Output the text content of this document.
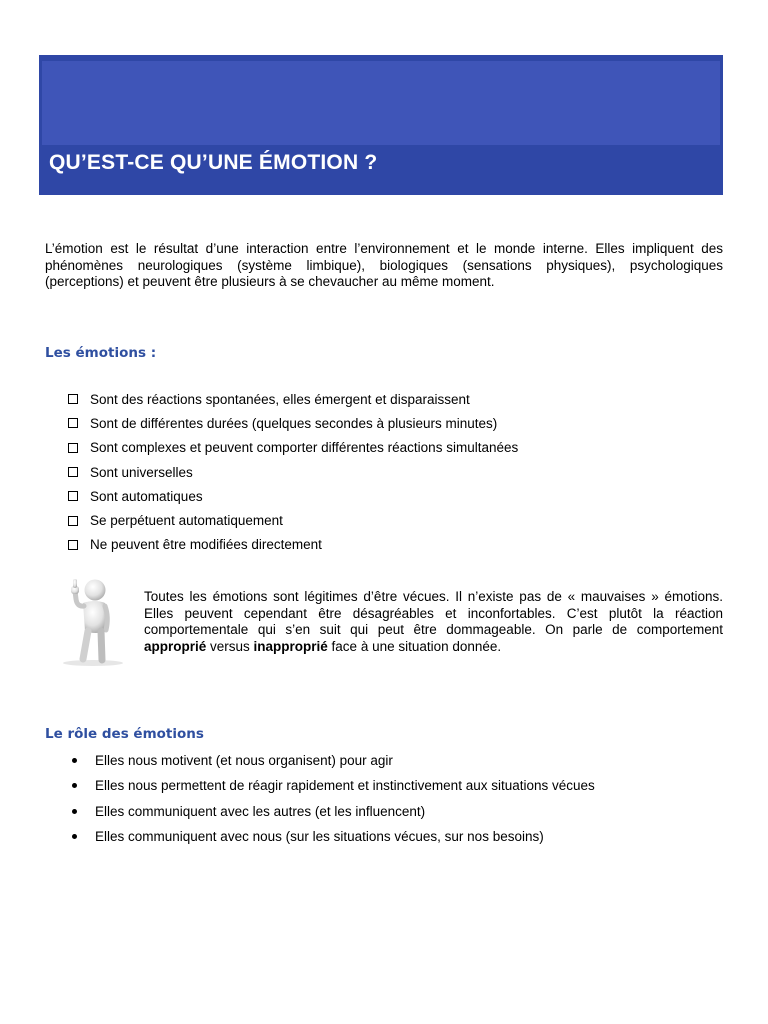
QU’EST-CE QU’UNE ÉMOTION ?

L’émotion est le résultat d’une interaction entre l’environnement et le monde interne. Elles impliquent des phénomènes neurologiques (système limbique), biologiques (sensations physiques), psychologiques (perceptions) et peuvent être plusieurs à se chevaucher au même moment.

Les émotions :
Sont des réactions spontanées, elles émergent et disparaissent
Sont de différentes durées (quelques secondes à plusieurs minutes)
Sont complexes et peuvent comporter différentes réactions simultanées
Sont universelles
Sont automatiques
Se perpétuent automatiquement
Ne peuvent être modifiées directement

Toutes les émotions sont légitimes d’être vécues. Il n’existe pas de « mauvaises » émotions. Elles peuvent cependant être désagréables et inconfortables. C’est plutôt la réaction comportementale qui s’en suit qui peut être dommageable. On parle de comportement approprié versus inapproprié face à une situation donnée.

Le rôle des émotions
Elles nous motivent (et nous organisent) pour agir
Elles nous permettent de réagir rapidement et instinctivement aux situations vécues
Elles communiquent avec les autres (et les influencent)
Elles communiquent avec nous (sur les situations vécues, sur nos besoins)
